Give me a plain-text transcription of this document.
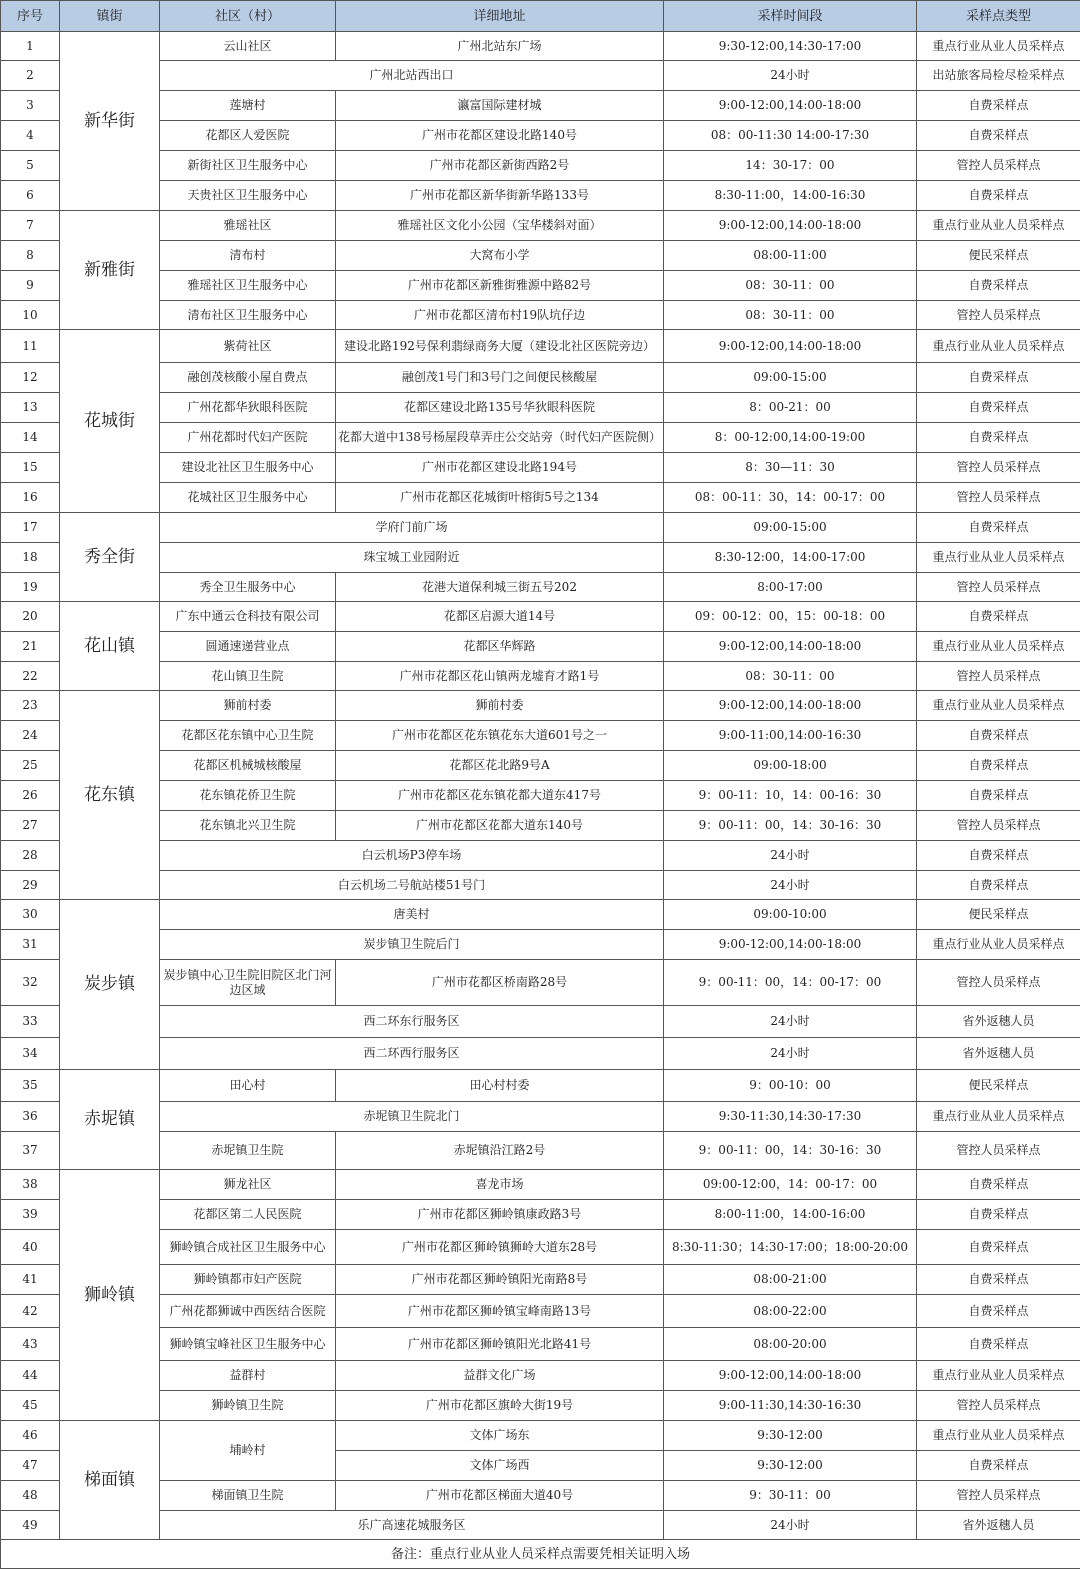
序号	镇街	社区（村）	详细地址	采样时间段	采样点类型
1	新华街	云山社区	广州北站东广场	9:30-12:00,14:30-17:00	重点行业从业人员采样点
2		广州北站西出口		24小时	出站旅客局检尽检采样点
3		莲塘村	瀛富国际建材城	9:00-12:00,14:00-18:00	自费采样点
4		花都区人爱医院	广州市花都区建设北路140号	08：00-11:30 14:00-17:30	自费采样点
5		新街社区卫生服务中心	广州市花都区新街西路2号	14：30-17：00	管控人员采样点
6		天贵社区卫生服务中心	广州市花都区新华街新华路133号	8:30-11:00，14:00-16:30	自费采样点
7	新雅街	雅瑶社区	雅瑶社区文化小公园（宝华楼斜对面）	9:00-12:00,14:00-18:00	重点行业从业人员采样点
8		清布村	大窝布小学	08:00-11:00	便民采样点
9		雅瑶社区卫生服务中心	广州市花都区新雅街雅源中路82号	08：30-11：00	自费采样点
10		清布社区卫生服务中心	广州市花都区清布村19队坑仔边	08：30-11：00	管控人员采样点
11	花城街	紫荷社区	建设北路192号保利翡绿商务大厦（建设北社区医院旁边）	9:00-12:00,14:00-18:00	重点行业从业人员采样点
12		融创茂核酸小屋自费点	融创茂1号门和3号门之间便民核酸屋	09:00-15:00	自费采样点
13		广州花都华狄眼科医院	花都区建设北路135号华狄眼科医院	8：00-21：00	自费采样点
14		广州花都时代妇产医院	花都大道中138号杨屋段草弄庄公交站旁（时代妇产医院侧）	8：00-12:00,14:00-19:00	自费采样点
15		建设北社区卫生服务中心	广州市花都区建设北路194号	8：30—11：30	管控人员采样点
16		花城社区卫生服务中心	广州市花都区花城街叶榕街5号之134	08：00-11：30，14：00-17：00	管控人员采样点
17	秀全街	学府门前广场		09:00-15:00	自费采样点
18		珠宝城工业园附近		8:30-12:00，14:00-17:00	重点行业从业人员采样点
19		秀全卫生服务中心	花港大道保利城三街五号202	8:00-17:00	管控人员采样点
20	花山镇	广东中通云仓科技有限公司	花都区启源大道14号	09：00-12：00，15：00-18：00	自费采样点
21		圆通速递营业点	花都区华辉路	9:00-12:00,14:00-18:00	重点行业从业人员采样点
22		花山镇卫生院	广州市花都区花山镇两龙墟育才路1号	08：30-11：00	管控人员采样点
23	花东镇	狮前村委	狮前村委	9:00-12:00,14:00-18:00	重点行业从业人员采样点
24		花都区花东镇中心卫生院	广州市花都区花东镇花东大道601号之一	9:00-11:00,14:00-16:30	自费采样点
25		花都区机械城核酸屋	花都区花北路9号A	09:00-18:00	自费采样点
26		花东镇花侨卫生院	广州市花都区花东镇花都大道东417号	9：00-11：10，14：00-16：30	自费采样点
27		花东镇北兴卫生院	广州市花都区花都大道东140号	9：00-11：00，14：30-16：30	管控人员采样点
28		白云机场P3停车场		24小时	自费采样点
29		白云机场二号航站楼51号门		24小时	自费采样点
30	炭步镇	唐美村		09:00-10:00	便民采样点
31		炭步镇卫生院后门		9:00-12:00,14:00-18:00	重点行业从业人员采样点
32		炭步镇中心卫生院旧院区北门河边区域	广州市花都区桥南路28号	9：00-11：00，14：00-17：00	管控人员采样点
33		西二环东行服务区		24小时	省外返穗人员
34		西二环西行服务区		24小时	省外返穗人员
35	赤坭镇	田心村	田心村村委	9：00-10：00	便民采样点
36		赤坭镇卫生院北门		9:30-11:30,14:30-17:30	重点行业从业人员采样点
37		赤坭镇卫生院	赤坭镇沿江路2号	9：00-11：00，14：30-16：30	管控人员采样点
38	狮岭镇	狮龙社区	喜龙市场	09:00-12:00，14：00-17：00	自费采样点
39		花都区第二人民医院	广州市花都区狮岭镇康政路3号	8:00-11:00，14:00-16:00	自费采样点
40		狮岭镇合成社区卫生服务中心	广州市花都区狮岭镇狮岭大道东28号	8:30-11:30；14:30-17:00；18:00-20:00	自费采样点
41		狮岭镇都市妇产医院	广州市花都区狮岭镇阳光南路8号	08:00-21:00	自费采样点
42		广州花都狮诚中西医结合医院	广州市花都区狮岭镇宝峰南路13号	08:00-22:00	自费采样点
43		狮岭镇宝峰社区卫生服务中心	广州市花都区狮岭镇阳光北路41号	08:00-20:00	自费采样点
44		益群村	益群文化广场	9:00-12:00,14:00-18:00	重点行业从业人员采样点
45		狮岭镇卫生院	广州市花都区旗岭大街19号	9:00-11:30,14:30-16:30	管控人员采样点
46	梯面镇	埔岭村	文体广场东	9:30-12:00	重点行业从业人员采样点
47			文体广场西	9:30-12:00	自费采样点
48		梯面镇卫生院	广州市花都区梯面大道40号	9：30-11：00	管控人员采样点
49		乐广高速花城服务区		24小时	省外返穗人员
备注：重点行业从业人员采样点需要凭相关证明入场					
